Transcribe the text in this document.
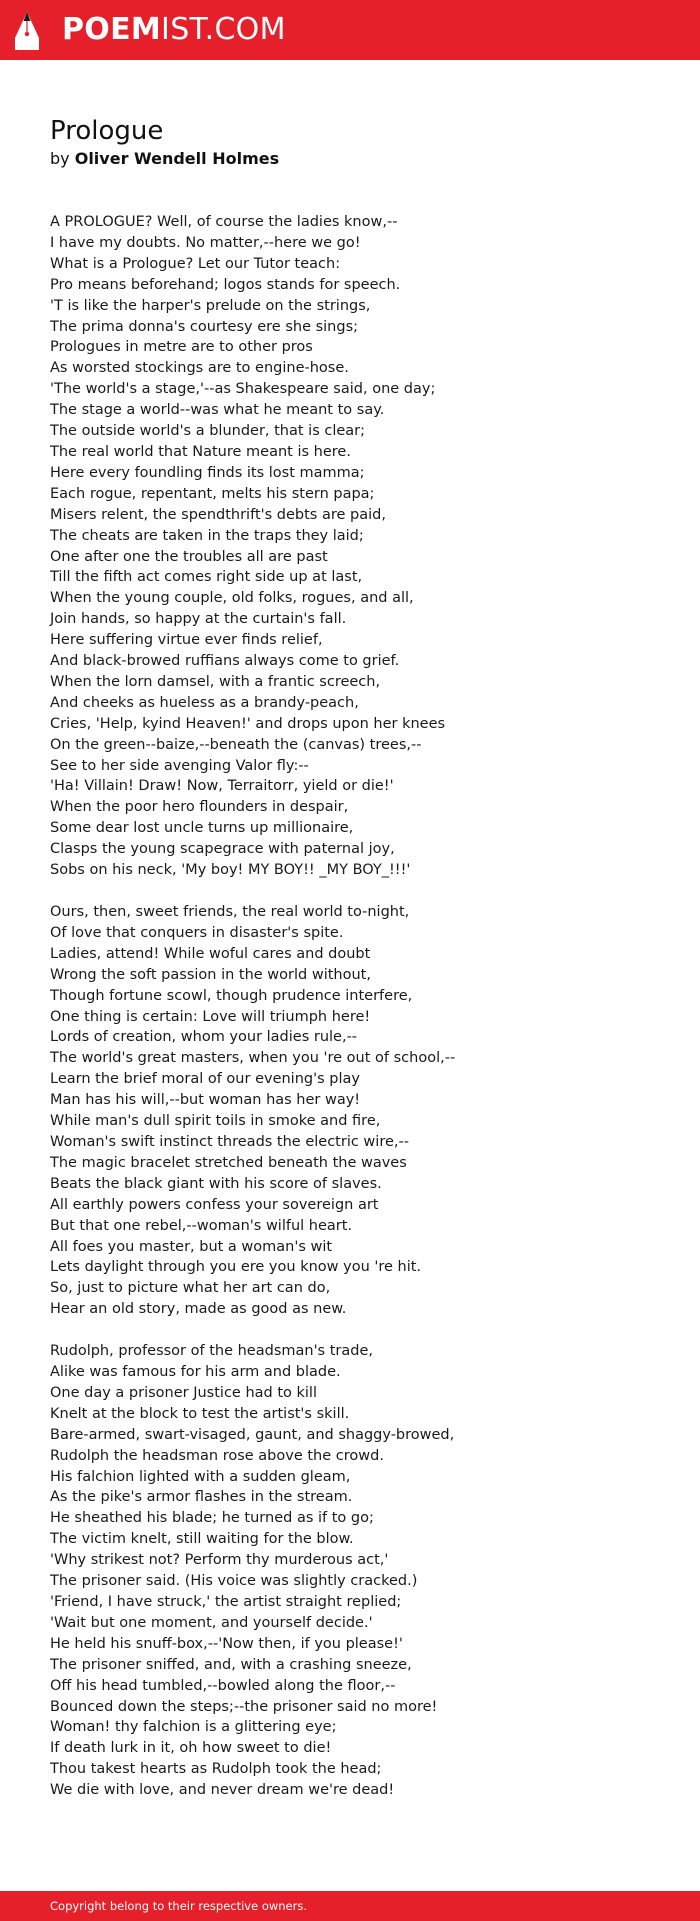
POEMIST.COM
Prologue

by Oliver Wendell Holmes

A PROLOGUE? Well, of course the ladies know,--
I have my doubts. No matter,--here we go!
What is a Prologue? Let our Tutor teach:
Pro means beforehand; logos stands for speech.
'T is like the harper's prelude on the strings,
The prima donna's courtesy ere she sings;
Prologues in metre are to other pros
As worsted stockings are to engine-hose.
'The world's a stage,'--as Shakespeare said, one day;
The stage a world--was what he meant to say.
The outside world's a blunder, that is clear;
The real world that Nature meant is here.
Here every foundling finds its lost mamma;
Each rogue, repentant, melts his stern papa;
Misers relent, the spendthrift's debts are paid,
The cheats are taken in the traps they laid;
One after one the troubles all are past
Till the fifth act comes right side up at last,
When the young couple, old folks, rogues, and all,
Join hands, so happy at the curtain's fall.
Here suffering virtue ever finds relief,
And black-browed ruffians always come to grief.
When the lorn damsel, with a frantic screech,
And cheeks as hueless as a brandy-peach,
Cries, 'Help, kyind Heaven!' and drops upon her knees
On the green--baize,--beneath the (canvas) trees,--
See to her side avenging Valor fly:--
'Ha! Villain! Draw! Now, Terraitorr, yield or die!'
When the poor hero flounders in despair,
Some dear lost uncle turns up millionaire,
Clasps the young scapegrace with paternal joy,
Sobs on his neck, 'My boy! MY BOY!! _MY BOY_!!!'
Ours, then, sweet friends, the real world to-night,
Of love that conquers in disaster's spite.
Ladies, attend! While woful cares and doubt
Wrong the soft passion in the world without,
Though fortune scowl, though prudence interfere,
One thing is certain: Love will triumph here!
Lords of creation, whom your ladies rule,--
The world's great masters, when you 're out of school,--
Learn the brief moral of our evening's play
Man has his will,--but woman has her way!
While man's dull spirit toils in smoke and fire,
Woman's swift instinct threads the electric wire,--
The magic bracelet stretched beneath the waves
Beats the black giant with his score of slaves.
All earthly powers confess your sovereign art
But that one rebel,--woman's wilful heart.
All foes you master, but a woman's wit
Lets daylight through you ere you know you 're hit.
So, just to picture what her art can do,
Hear an old story, made as good as new.
Rudolph, professor of the headsman's trade,
Alike was famous for his arm and blade.
One day a prisoner Justice had to kill
Knelt at the block to test the artist's skill.
Bare-armed, swart-visaged, gaunt, and shaggy-browed,
Rudolph the headsman rose above the crowd.
His falchion lighted with a sudden gleam,
As the pike's armor flashes in the stream.
He sheathed his blade; he turned as if to go;
The victim knelt, still waiting for the blow.
'Why strikest not? Perform thy murderous act,'
The prisoner said. (His voice was slightly cracked.)
'Friend, I have struck,' the artist straight replied;
'Wait but one moment, and yourself decide.'
He held his snuff-box,--'Now then, if you please!'
The prisoner sniffed, and, with a crashing sneeze,
Off his head tumbled,--bowled along the floor,--
Bounced down the steps;--the prisoner said no more!
Woman! thy falchion is a glittering eye;
If death lurk in it, oh how sweet to die!
Thou takest hearts as Rudolph took the head;
We die with love, and never dream we're dead!
Copyright belong to their respective owners.
